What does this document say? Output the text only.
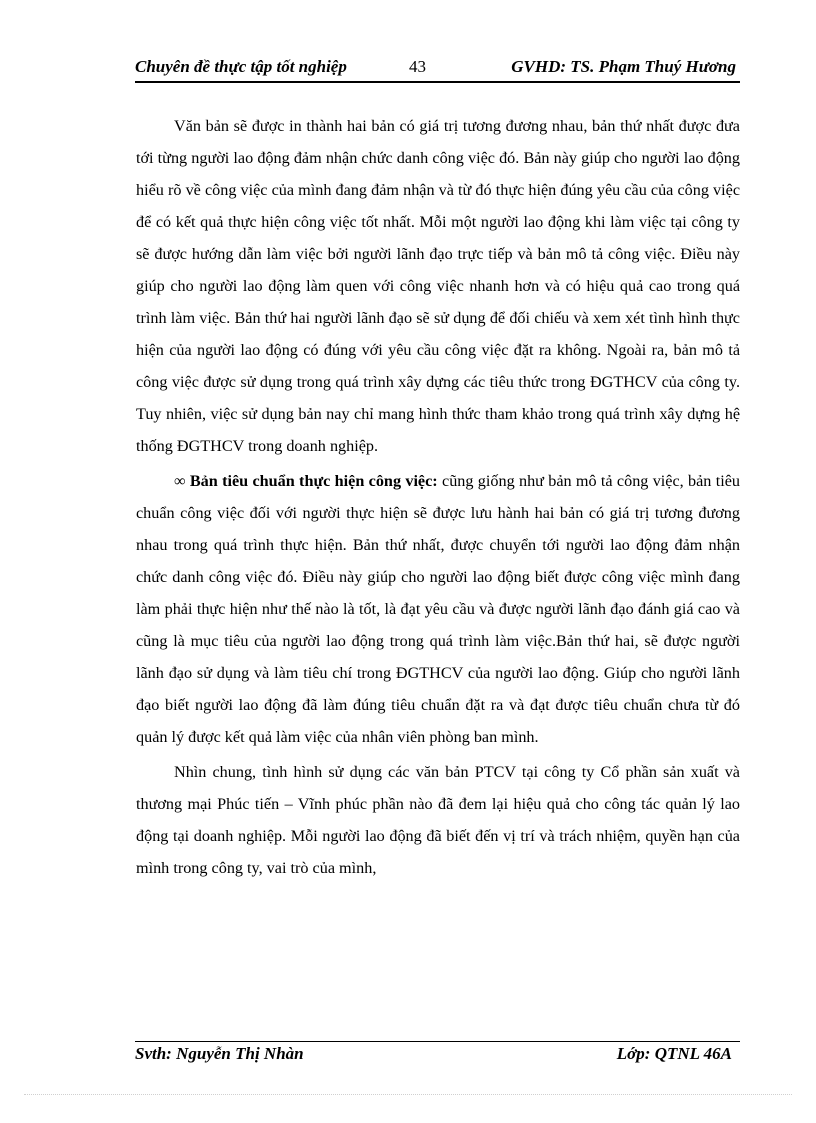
Chuyên đề thực tập tốt nghiệp	43	GVHD: TS. Phạm Thuý Hương

Văn bản sẽ được in thành hai bản có giá trị tương đương nhau, bản thứ nhất được đưa tới từng người lao động đảm nhận chức danh công việc đó. Bản này giúp cho người lao động hiểu rõ về công việc của mình đang đảm nhận và từ đó thực hiện đúng yêu cầu của công việc để có kết quả thực hiện công việc tốt nhất. Mỗi một người lao động khi làm việc tại công ty sẽ được hướng dẫn làm việc bởi người lãnh đạo trực tiếp và bản mô tả công việc. Điều này giúp cho người lao động làm quen với công việc nhanh hơn và có hiệu quả cao trong quá trình làm việc. Bản thứ hai người lãnh đạo sẽ sử dụng để đối chiếu và xem xét tình hình thực hiện của người lao động có đúng với yêu cầu công việc đặt ra không. Ngoài ra, bản mô tả công việc được sử dụng trong quá trình xây dựng các tiêu thức trong ĐGTHCV của công ty. Tuy nhiên, việc sử dụng bản nay chỉ mang hình thức tham khảo trong quá trình xây dựng hệ thống ĐGTHCV trong doanh nghiệp.

∞ Bản tiêu chuẩn thực hiện công việc: cũng giống như bản mô tả công việc, bản tiêu chuẩn công việc đối với người thực hiện sẽ được lưu hành hai bản có giá trị tương đương nhau trong quá trình thực hiện. Bản thứ nhất, được chuyển tới người lao động đảm nhận chức danh công việc đó. Điều này giúp cho người lao động biết được công việc mình đang làm phải thực hiện như thế nào là tốt, là đạt yêu cầu và được người lãnh đạo đánh giá cao và cũng là mục tiêu của người lao động trong quá trình làm việc.Bản thứ hai, sẽ được người lãnh đạo sử dụng và làm tiêu chí trong ĐGTHCV của người lao động. Giúp cho người lãnh đạo biết người lao động đã làm đúng tiêu chuẩn đặt ra và đạt được tiêu chuẩn chưa từ đó quản lý được kết quả làm việc của nhân viên phòng ban mình.

Nhìn chung, tình hình sử dụng các văn bản PTCV tại công ty Cổ phần sản xuất và thương mại Phúc tiến – Vĩnh phúc phần nào đã đem lại hiệu quả cho công tác quản lý lao động tại doanh nghiệp. Mỗi người lao động đã biết đến vị trí và trách nhiệm, quyền hạn của mình trong công ty, vai trò của mình,

Svth: Nguyễn Thị Nhàn	Lớp: QTNL 46A
